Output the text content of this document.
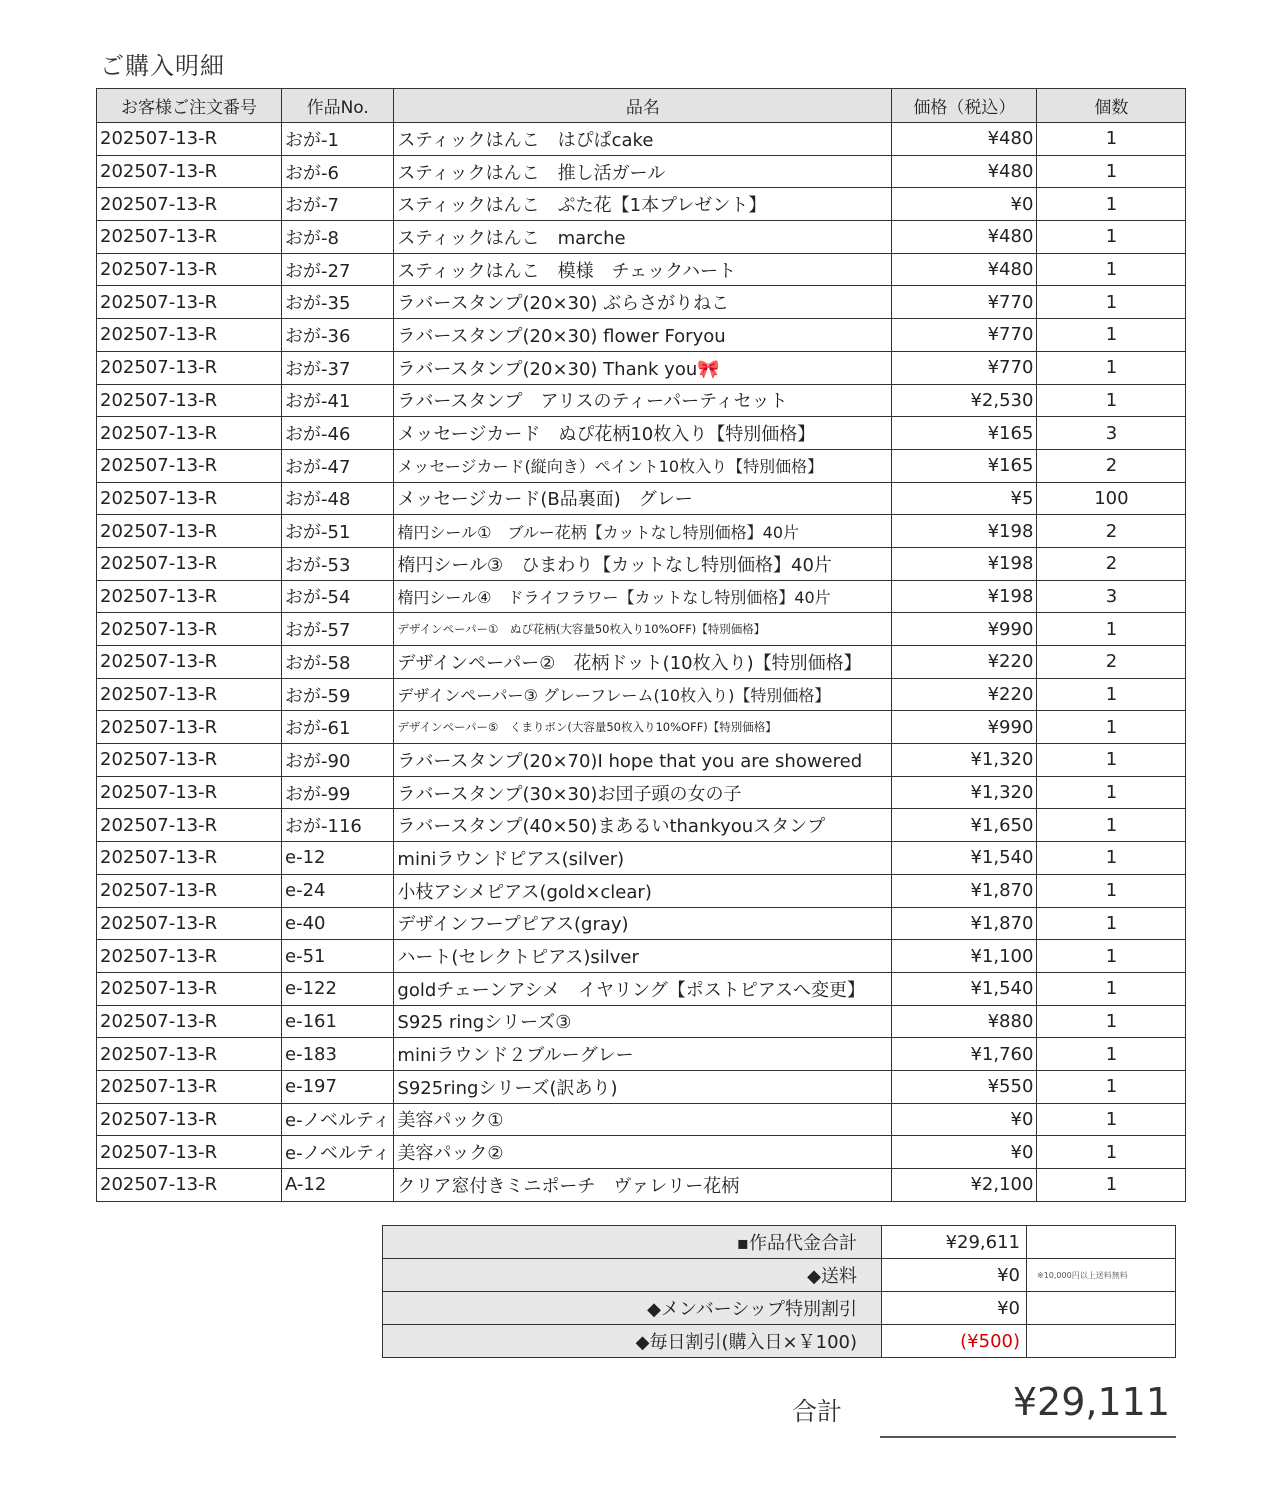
ご購入明細
お客様ご注文番号	作品No.	品名	価格（税込）	個数
202507-13-R	おが-1	スティックはんこ　はぴぱcake	¥480	1
202507-13-R	おが-6	スティックはんこ　推し活ガール	¥480	1
202507-13-R	おが-7	スティックはんこ　ぷた花【1本プレゼント】	¥0	1
202507-13-R	おが-8	スティックはんこ　marche	¥480	1
202507-13-R	おが-27	スティックはんこ　模様　チェックハート	¥480	1
202507-13-R	おが-35	ラバースタンプ(20×30) ぶらさがりねこ	¥770	1
202507-13-R	おが-36	ラバースタンプ(20×30) flower Foryou	¥770	1
202507-13-R	おが-37	ラバースタンプ(20×30) Thank you🎀	¥770	1
202507-13-R	おが-41	ラバースタンプ　アリスのティーパーティセット	¥2,530	1
202507-13-R	おが-46	メッセージカード　ぬぴ花柄10枚入り【特別価格】	¥165	3
202507-13-R	おが-47	メッセージカード(縦向き）ペイント10枚入り【特別価格】	¥165	2
202507-13-R	おが-48	メッセージカード(B品裏面)　グレー	¥5	100
202507-13-R	おが-51	楕円シール①　ブルー花柄【カットなし特別価格】40片	¥198	2
202507-13-R	おが-53	楕円シール③　ひまわり【カットなし特別価格】40片	¥198	2
202507-13-R	おが-54	楕円シール④　ドライフラワー【カットなし特別価格】40片	¥198	3
202507-13-R	おが-57	デザインペーパー①　ぬぴ花柄(大容量50枚入り10%OFF)【特別価格】	¥990	1
202507-13-R	おが-58	デザインペーパー②　花柄ドット(10枚入り)【特別価格】	¥220	2
202507-13-R	おが-59	デザインペーパー③ グレーフレーム(10枚入り)【特別価格】	¥220	1
202507-13-R	おが-61	デザインペーパー⑤　くまりボン(大容量50枚入り10%OFF)【特別価格】	¥990	1
202507-13-R	おが-90	ラバースタンプ(20×70)I hope that you are showered	¥1,320	1
202507-13-R	おが-99	ラバースタンプ(30×30)お団子頭の女の子	¥1,320	1
202507-13-R	おが-116	ラバースタンプ(40×50)まあるいthankyouスタンプ	¥1,650	1
202507-13-R	e-12	miniラウンドピアス(silver)	¥1,540	1
202507-13-R	e-24	小枝アシメピアス(gold×clear)	¥1,870	1
202507-13-R	e-40	デザインフープピアス(gray)	¥1,870	1
202507-13-R	e-51	ハート(セレクトピアス)silver	¥1,100	1
202507-13-R	e-122	goldチェーンアシメ　イヤリング【ポストピアスへ変更】	¥1,540	1
202507-13-R	e-161	S925 ringシリーズ③	¥880	1
202507-13-R	e-183	miniラウンド２ブルーグレー	¥1,760	1
202507-13-R	e-197	S925ringシリーズ(訳あり)	¥550	1
202507-13-R	e-ノベルティ	美容パック①	¥0	1
202507-13-R	e-ノベルティ	美容パック②	¥0	1
202507-13-R	A-12	クリア窓付きミニポーチ　ヴァレリー花柄	¥2,100	1
▪作品代金合計	¥29,611	
◆送料	¥0	※10,000円以上送料無料
◆メンバーシップ特別割引	¥0	
◆毎日割引(購入日×￥100)	(¥500)	
合計	¥29,111
